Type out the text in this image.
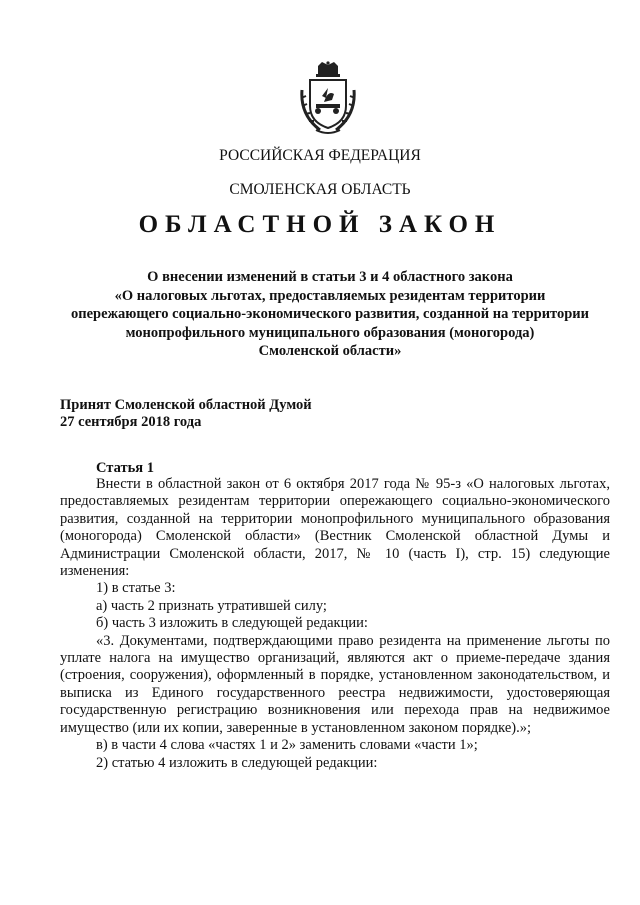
РОССИЙСКАЯ ФЕДЕРАЦИЯ
СМОЛЕНСКАЯ ОБЛАСТЬ
ОБЛАСТНОЙ ЗАКОН
О внесении изменений в статьи 3 и 4 областного закона
«О налоговых льготах, предоставляемых резидентам территории
опережающего социально-экономического развития, созданной на территории
монопрофильного муниципального образования (моногорода)
Смоленской области»
Принят Смоленской областной Думой
27 сентября 2018 года
Статья 1

Внести в областной закон от 6 октября 2017 года № 95-з «О налоговых льготах, предоставляемых резидентам территории опережающего социально-экономического развития, созданной на территории монопрофильного муниципального образования (моногорода) Смоленской области» (Вестник Смоленской областной Думы и Администрации Смоленской области, 2017, № 10 (часть I), стр. 15) следующие изменения:

1) в статье 3:

а) часть 2 признать утратившей силу;

б) часть 3 изложить в следующей редакции:

«3. Документами, подтверждающими право резидента на применение льготы по уплате налога на имущество организаций, являются акт о приеме-передаче здания (строения, сооружения), оформленный в порядке, установленном законодательством, и выписка из Единого государственного реестра недвижимости, удостоверяющая государственную регистрацию возникновения или перехода прав на недвижимое имущество (или их копии, заверенные в установленном законом порядке).»;

в) в части 4 слова «частях 1 и 2» заменить словами «части 1»;

2) статью 4 изложить в следующей редакции:
